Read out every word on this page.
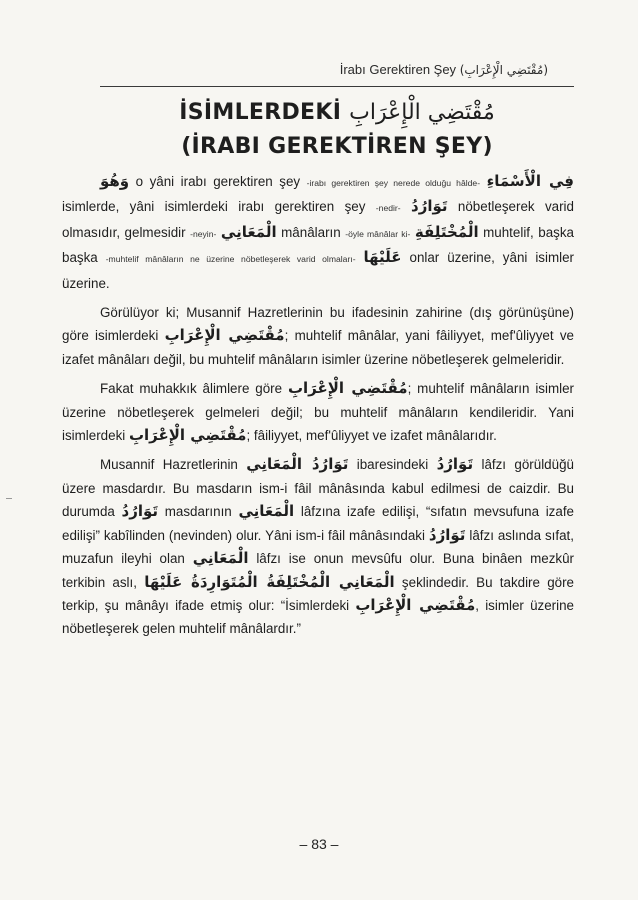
İrabı Gerektiren Şey (مُقْتَضِي الْإِعْرَابِ)
İSİMLERDEKİ مُقْتَضِي الْإِعْرَابِ
(İRABI GEREKTİREN ŞEY)

وَهُوَ o yâni irabı gerektiren şey -irabı gerektiren şey nerede olduğu hâlde- فِي الْأَسْمَاءِ isimlerde, yâni isimlerdeki irabı gerektiren şey -nedir- تَوَارُدُ nöbetleşerek varid olmasıdır, gelmesidir -neyin- الْمَعَانِي mânâların -öyle mânâlar ki- الْمُخْتَلِفَةِ muhtelif, başka başka -muhtelif mânâların ne üzerine nöbetleşerek varid olmaları- عَلَيْهَا onlar üzerine, yâni isimler üzerine.

Görülüyor ki; Musannif Hazretlerinin bu ifadesinin zahirine (dış görünüşüne) göre isimlerdeki مُقْتَضِي الْإِعْرَابِ; muhtelif mânâlar, yani fâiliyyet, mef'ûliyyet ve izafet mânâları değil, bu muhtelif mânâların isimler üzerine nöbetleşerek gelmeleridir.

Fakat muhakkık âlimlere göre مُقْتَضِي الْإِعْرَابِ; muhtelif mânâların isimler üzerine nöbetleşerek gelmeleri değil; bu muhtelif mânâların kendileridir. Yani isimlerdeki مُقْتَضِي الْإِعْرَابِ; fâiliyyet, mef'ûliyyet ve izafet mânâlarıdır.

Musannif Hazretlerinin تَوَارُدُ الْمَعَانِي ibaresindeki تَوَارُدُ lâfzı görüldüğü üzere masdardır. Bu masdarın ism-i fâil mânâsında kabul edilmesi de caizdir. Bu durumda تَوَارُدُ masdarının الْمَعَانِي lâfzına izafe edilişi, “sıfatın mevsufuna izafe edilişi” kabîlinden (nevinden) olur. Yâni ism-i fâil mânâsındaki تَوَارُدُ lâfzı aslında sıfat, muzafun ileyhi olan الْمَعَانِي lâfzı ise onun mevsûfu olur. Buna binâen mezkûr terkibin aslı, الْمَعَانِي الْمُخْتَلِفَةُ الْمُتَوَارِدَةُ عَلَيْهَا şeklindedir. Bu takdire göre terkip, şu mânâyı ifade etmiş olur: “İsimlerdeki مُقْتَضِي الْإِعْرَابِ, isimler üzerine nöbetleşerek gelen muhtelif mânâlardır.”

– 83 –
